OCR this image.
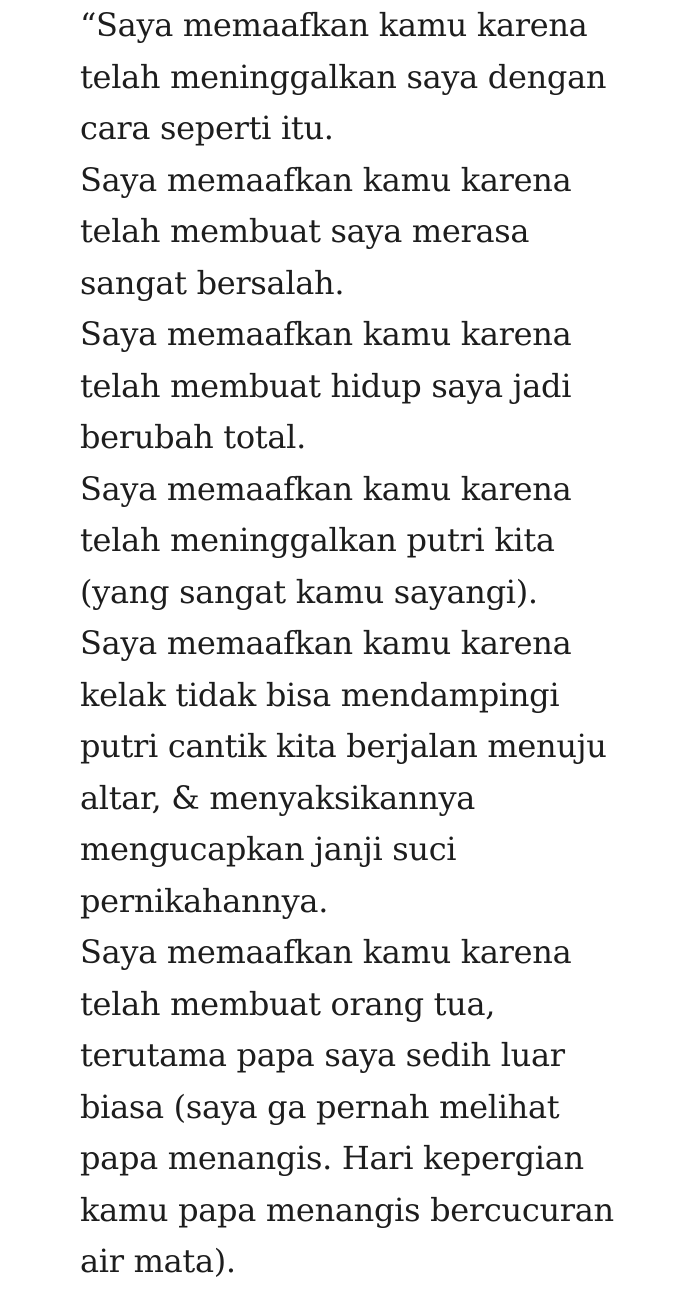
“Saya memaafkan kamu karena
telah meninggalkan saya dengan
cara seperti itu.
Saya memaafkan kamu karena
telah membuat saya merasa
sangat bersalah.
Saya memaafkan kamu karena
telah membuat hidup saya jadi
berubah total.
Saya memaafkan kamu karena
telah meninggalkan putri kita
(yang sangat kamu sayangi).
Saya memaafkan kamu karena
kelak tidak bisa mendampingi
putri cantik kita berjalan menuju
altar, & menyaksikannya
mengucapkan janji suci
pernikahannya.
Saya memaafkan kamu karena
telah membuat orang tua,
terutama papa saya sedih luar
biasa (saya ga pernah melihat
papa menangis. Hari kepergian
kamu papa menangis bercucuran
air mata).
